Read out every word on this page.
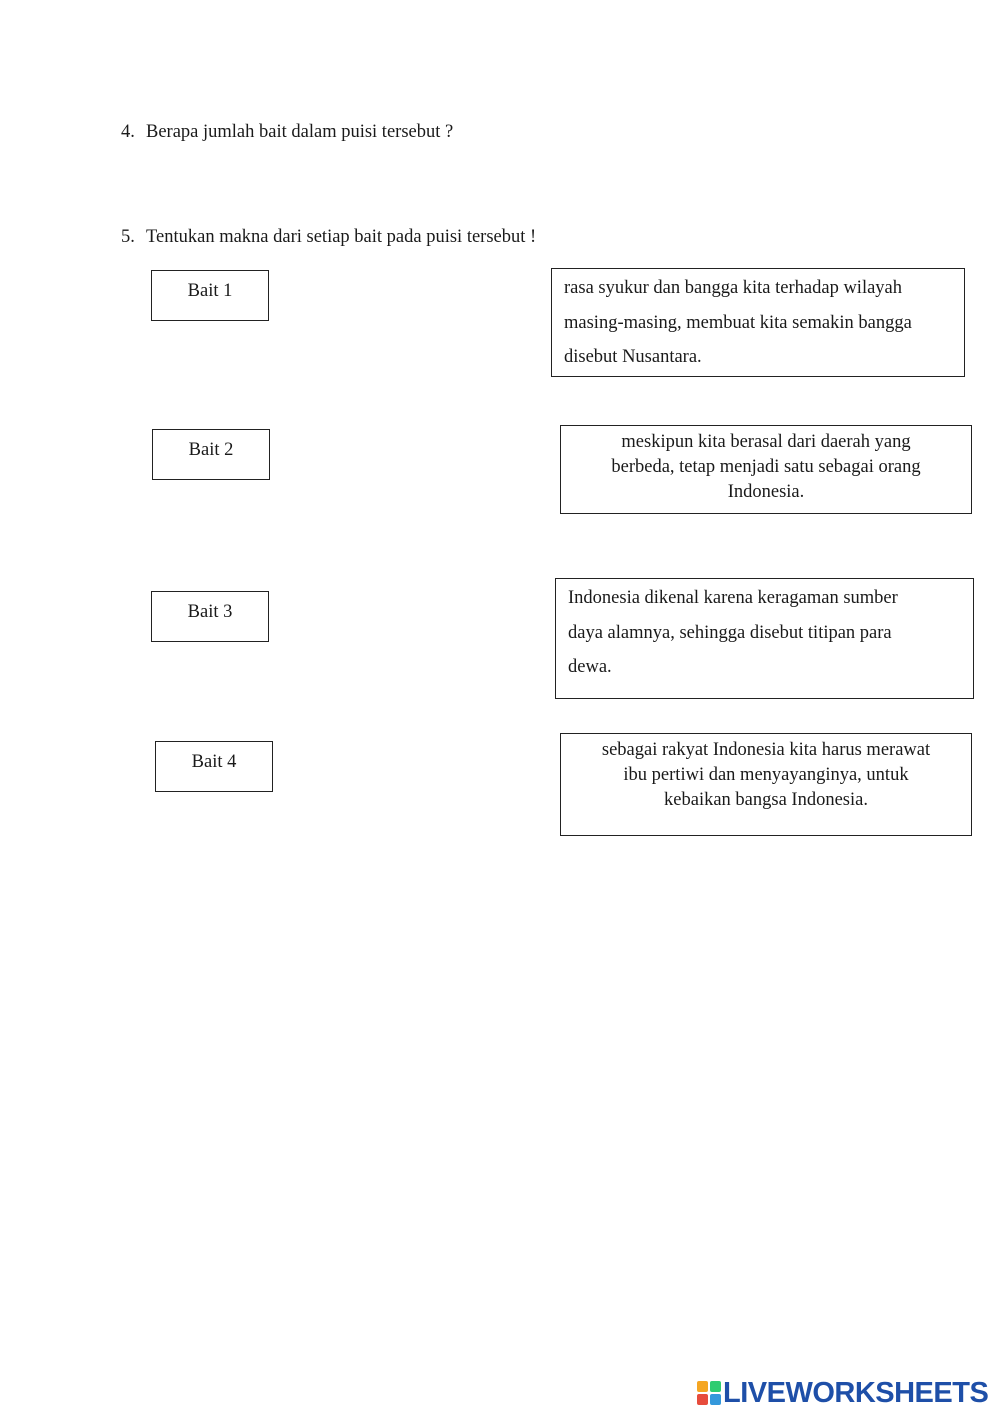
4. Berapa jumlah bait dalam puisi tersebut ?
5. Tentukan makna dari setiap bait pada puisi tersebut !
Bait 1
Bait 2
Bait 3
Bait 4
rasa syukur dan bangga kita terhadap wilayah
masing-masing, membuat kita semakin bangga
disebut Nusantara.
meskipun kita berasal dari daerah yang
berbeda, tetap menjadi satu sebagai orang
Indonesia.
Indonesia dikenal karena keragaman sumber
daya alamnya, sehingga disebut titipan para
dewa.
sebagai rakyat Indonesia kita harus merawat
ibu pertiwi dan menyayanginya, untuk
kebaikan bangsa Indonesia.
LIVEWORKSHEETS
